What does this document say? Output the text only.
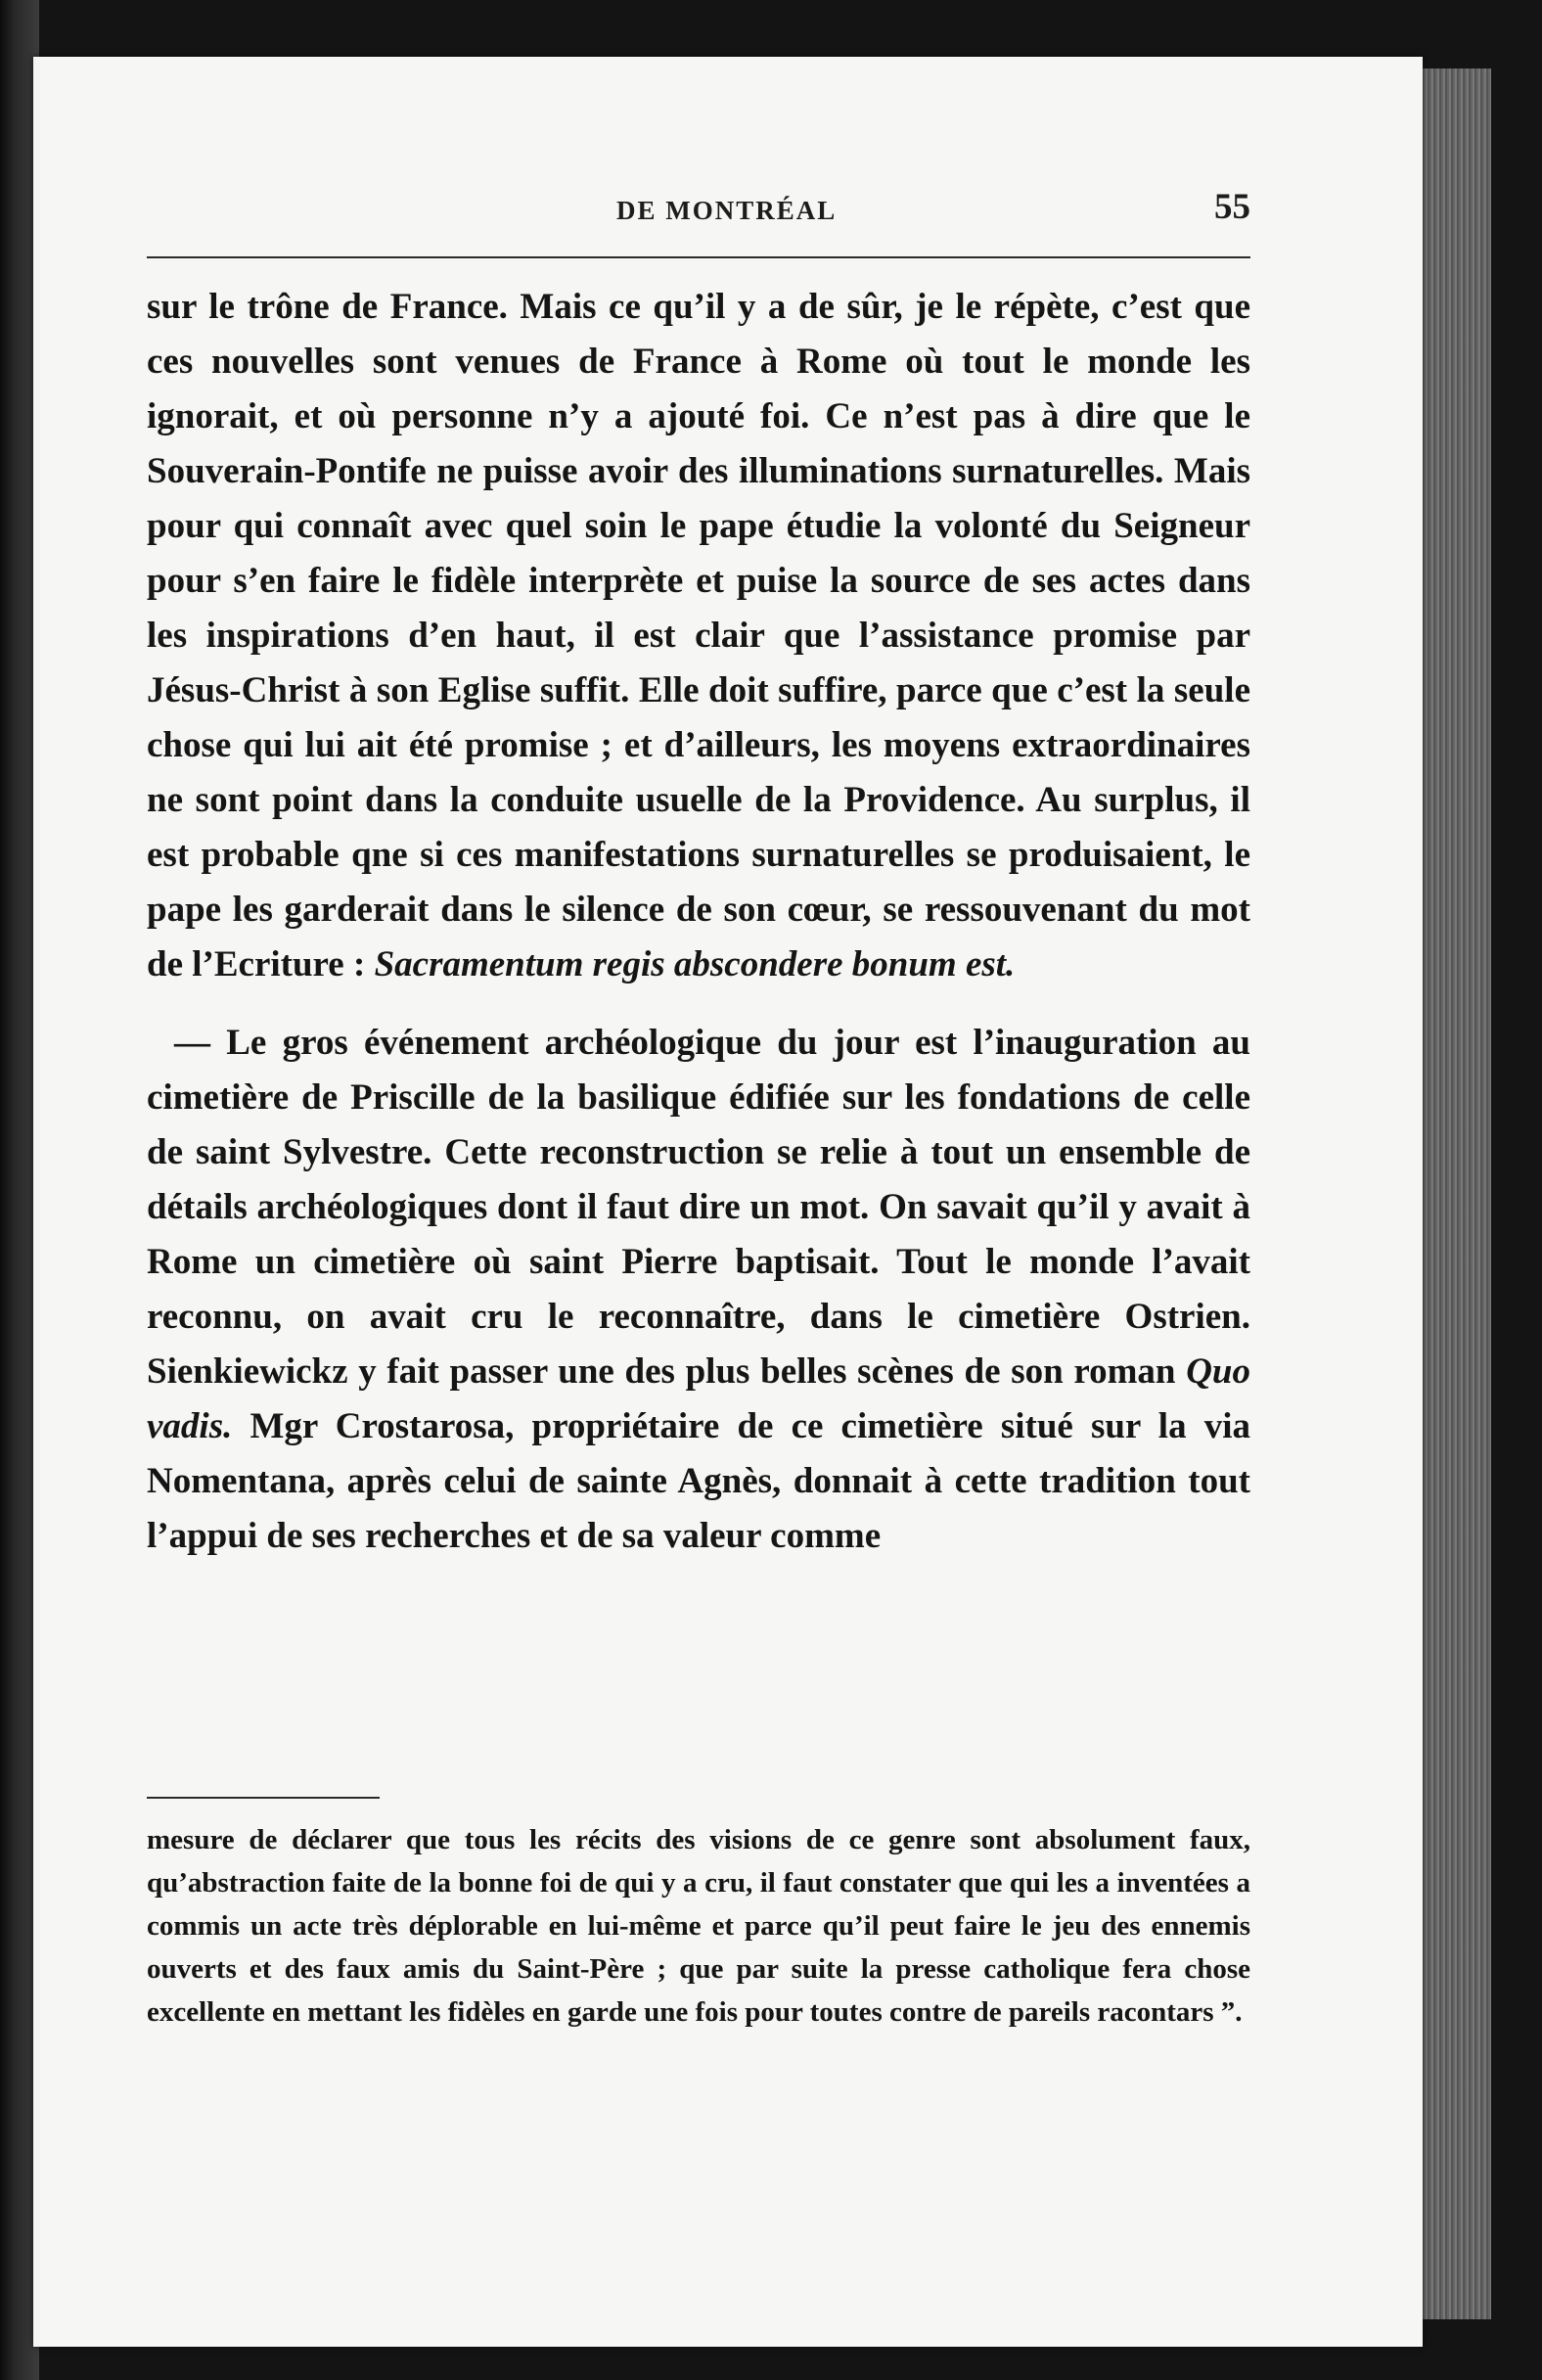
DE MONTRÉAL	55

sur le trône de France. Mais ce qu’il y a de sûr, je le répète, c’est que ces nouvelles sont venues de France à Rome où tout le monde les ignorait, et où personne n’y a ajouté foi. Ce n’est pas à dire que le Souverain-Pontife ne puisse avoir des illuminations surnaturelles. Mais pour qui connaît avec quel soin le pape étudie la volonté du Seigneur pour s’en faire le fidèle interprète et puise la source de ses actes dans les inspirations d’en haut, il est clair que l’assistance promise par Jésus-Christ à son Eglise suffit. Elle doit suffire, parce que c’est la seule chose qui lui ait été promise ; et d’ailleurs, les moyens extraordinaires ne sont point dans la conduite usuelle de la Providence. Au surplus, il est probable qne si ces manifestations surnaturelles se produisaient, le pape les garderait dans le silence de son cœur, se ressouvenant du mot de l’Ecriture : Sacramentum regis abscondere bonum est.

— Le gros événement archéologique du jour est l’inauguration au cimetière de Priscille de la basilique édifiée sur les fondations de celle de saint Sylvestre. Cette reconstruction se relie à tout un ensemble de détails archéologiques dont il faut dire un mot. On savait qu’il y avait à Rome un cimetière où saint Pierre baptisait. Tout le monde l’avait reconnu, on avait cru le reconnaître, dans le cimetière Ostrien. Sienkiewickz y fait passer une des plus belles scènes de son roman Quo vadis. Mgr Crostarosa, propriétaire de ce cimetière situé sur la via Nomentana, après celui de sainte Agnès, donnait à cette tradition tout l’appui de ses recherches et de sa valeur comme

mesure de déclarer que tous les récits des visions de ce genre sont absolument faux, qu’abstraction faite de la bonne foi de qui y a cru, il faut constater que qui les a inventées a commis un acte très déplorable en lui-même et parce qu’il peut faire le jeu des ennemis ouverts et des faux amis du Saint-Père ; que par suite la presse catholique fera chose excellente en mettant les fidèles en garde une fois pour toutes contre de pareils racontars ”.
